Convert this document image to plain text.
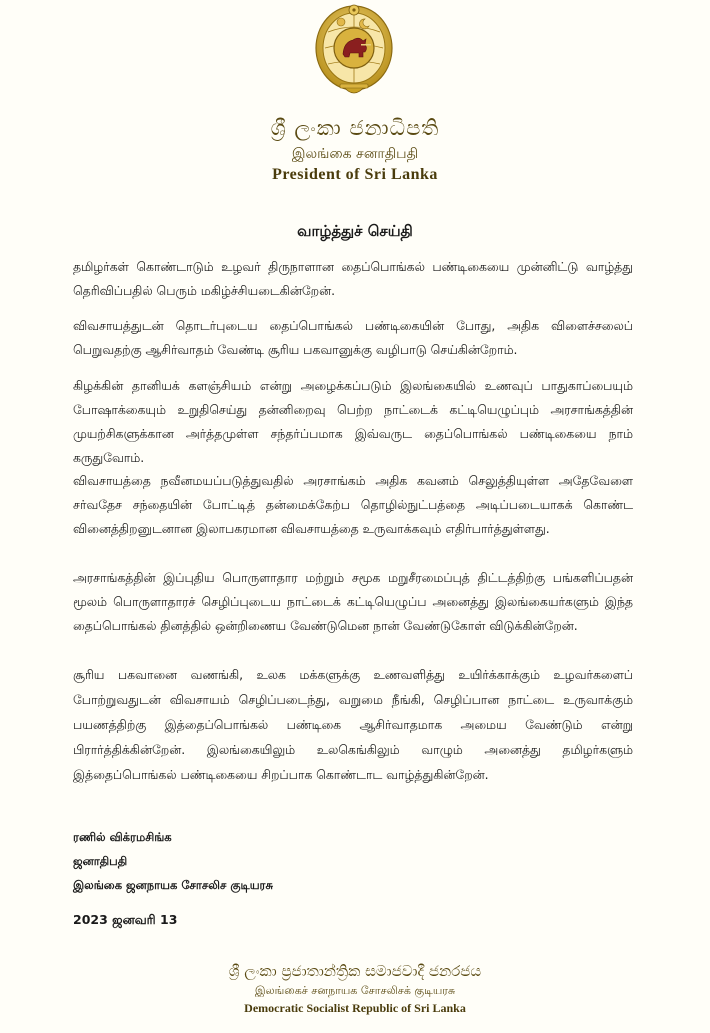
ශ්‍රී ලංකා ජනාධිපති
இலங்கை சனாதிபதி
President of Sri Lanka
வாழ்த்துச் செய்தி
தமிழர்கள் கொண்டாடும் உழவர் திருநாளான தைப்பொங்கல் பண்டிகையை முன்னிட்டு வாழ்த்து தெரிவிப்பதில் பெரும் மகிழ்ச்சியடைகின்றேன்.
விவசாயத்துடன் தொடர்புடைய தைப்பொங்கல் பண்டிகையின் போது, அதிக விளைச்சலைப் பெறுவதற்கு ஆசிர்வாதம் வேண்டி சூரிய பகவானுக்கு வழிபாடு செய்கின்றோம்.
கிழக்கின் தானியக் களஞ்சியம் என்று அழைக்கப்படும் இலங்கையில் உணவுப் பாதுகாப்பையும் போஷாக்கையும் உறுதிசெய்து தன்னிறைவு பெற்ற நாட்டைக் கட்டியெழுப்பும் அரசாங்கத்தின் முயற்சிகளுக்கான அர்த்தமுள்ள சந்தர்ப்பமாக இவ்வருட தைப்பொங்கல் பண்டிகையை நாம் கருதுவோம்.
விவசாயத்தை நவீனமயப்படுத்துவதில் அரசாங்கம் அதிக கவனம் செலுத்தியுள்ள அதேவேளை சர்வதேச சந்தையின் போட்டித் தன்மைக்கேற்ப தொழில்நுட்பத்தை அடிப்படையாகக் கொண்ட வினைத்திறனுடனான இலாபகரமான விவசாயத்தை உருவாக்கவும் எதிர்பார்த்துள்ளது.
அரசாங்கத்தின் இப்புதிய பொருளாதார மற்றும் சமூக மறுசீரமைப்புத் திட்டத்திற்கு பங்களிப்பதன் மூலம் பொருளாதாரச் செழிப்புடைய நாட்டைக் கட்டியெழுப்ப அனைத்து இலங்கையர்களும் இந்த தைப்பொங்கல் தினத்தில் ஒன்றிணைய வேண்டுமென நான் வேண்டுகோள் விடுக்கின்றேன்.
சூரிய பகவானை வணங்கி, உலக மக்களுக்கு உணவளித்து உயிர்க்காக்கும் உழவர்களைப் போற்றுவதுடன் விவசாயம் செழிப்படைந்து, வறுமை நீங்கி, செழிப்பான நாட்டை உருவாக்கும் பயணத்திற்கு இத்தைப்பொங்கல் பண்டிகை ஆசிர்வாதமாக அமைய வேண்டும் என்று பிரார்த்திக்கின்றேன். இலங்கையிலும் உலகெங்கிலும் வாழும் அனைத்து தமிழர்களும் இத்தைப்பொங்கல் பண்டிகையை சிறப்பாக கொண்டாட வாழ்த்துகின்றேன்.
ரணில் விக்ரமசிங்க
ஜனாதிபதி
இலங்கை ஜனநாயக சோசலிச குடியரசு
2023 ஜனவரி 13
ශ්‍රී ලංකා ප්‍රජාතාන්ත්‍රික සමාජවාදී ජනරජය
இலங்கைச் சனநாயக சோசலிசக் குடியரசு
Democratic Socialist Republic of Sri Lanka
